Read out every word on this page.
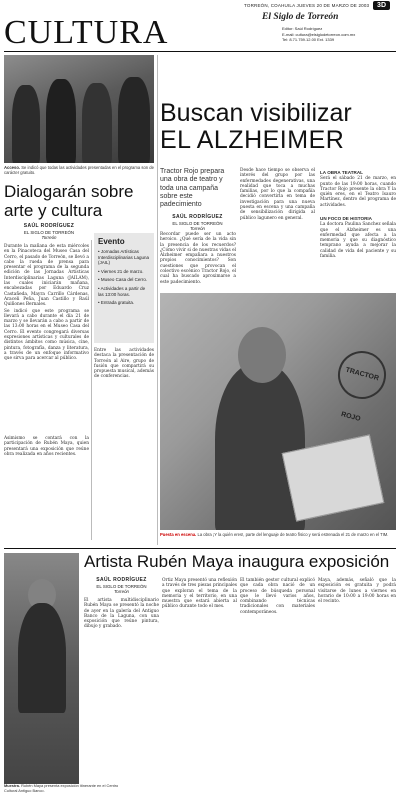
TORREÓN, COAHUILA JUEVES 20 DE MARZO DE 2003	3D
CULTURA	El Siglo de Torreón
Editor: Saúl Rodríguez
E-mail: cultura@elsiglodetorreon.com.mx
Tel: 8.71.759.12.00 Ext. 1339
Acceso. Se indicó que todas las actividades presentadas en el programa son de carácter gratuito.
Dialogarán sobre arte y cultura
SAÚL RODRÍGUEZ
EL SIGLO DE TORREÓN
Torreón

Durante la mañana de esta miércoles en la Pinacoteca del Museo Casa del Cerro, el pasado de Torreón, se llevó a cabo la rueda de prensa para presentar el programa de la segunda edición de las Jornadas Artísticas Interdisciplinarias Laguna (JAILAM), las cuales iniciarán mañana, encabezadas por Eduardo Cruz Castañeda, Mayra Carrillo Cárdenas, Araceli Peña, Juan Castillo y Raúl Quiñones Bernales.

Se indicó que este programa se llevará a cabo durante el día 21 de marzo y se llevarán a cabo a partir de las 13:00 horas en el Museo Casa del Cerro. El evento congregará diversas expresiones artísticas y culturales de distintos ámbitos como música, cine, pintura, fotografía, danza y literatura, a través de un enfoque informativo que sirva para acercar al público.

Evento
• Jornadas Artísticas Interdisciplinarias Laguna (JAIL)
• Viernes 21 de marzo.
• Museo Casa del Cerro.
• Actividades a partir de las 13:00 horas.
• Entrada gratuita.
Entre las actividades destaca la presentación de Torreón al Aire, grupo de fusión que compartirá su propuesta musical, además de conferencias.
Asimismo se contará con la participación de Rubén Maya, quien presentará una exposición que reúne obra realizada en años recientes.
Buscan visibilizar
EL ALZHEIMER
Tractor Rojo prepara una obra de teatro y toda una campaña sobre este padecimiento
SAÚL RODRÍGUEZ
EL SIGLO DE TORREÓN
Torreón
Recordar puede ser un acto heroico. ¿Qué sería de la vida sin la presencia de los recuerdos? ¿Cómo vivir si de nuestras vidas el Alzheimer empañara a nuestros propios conocimientos? Son cuestiones que provocan el colectivo escénico Tractor Rojo, el cual ha buscado aproximarse a este padecimiento.
Desde hace tiempo se observa el interés del grupo por las enfermedades degenerativas, una realidad que toca a muchas familias, por lo que la compañía decidió convertirla en tema de investigación para una nueva puesta en escena y una campaña de sensibilización dirigida al público lagunero en general.
LA OBRA TEATRAL
Será el sábado 21 de marzo, en punto de las 19:00 horas, cuando Tractor Rojo presente la obra Y la quién eres, en el Teatro Isauro Martínez, dentro del programa de actividades.
UN FOCO DE HISTORIA
La doctora Paulina Sanchez señala que el Alzheimer es una enfermedad que afecta a la memoria y que su diagnóstico temprano ayuda a mejorar la calidad de vida del paciente y su familia.
TRACTOR ROJO
Puesta en escena. La obra ¡Y la quién eres!, parte del lenguaje de teatro físico y será estrenada el 21 de marzo en el TIM.
Muestra. Rubén Maya presenta exposición itinerante en el Centro Cultural Antiguo Banco.
Artista Rubén Maya inaugura exposición
SAÚL RODRÍGUEZ
EL SIGLO DE TORREÓN
Torreón
El artista multidisciplinario Rubén Maya se presentó la noche de ayer en la galería del Antiguo Banco de la Laguna, con una exposición que reúne pintura, dibujo y grabado.
Ortiz Maya presentó una reflexión a través de tres piezas principales que exploran el tema de la memoria y el territorio, en una muestra que estará abierta al público durante todo el mes.
El también gestor cultural explicó que cada obra nació de un proceso de búsqueda personal que le llevó varios años, combinando técnicas tradicionales con materiales contemporáneos.
Maya, además, señaló que la exposición es gratuita y podrá visitarse de lunes a viernes en horario de 10:00 a 19:00 horas en el recinto.
